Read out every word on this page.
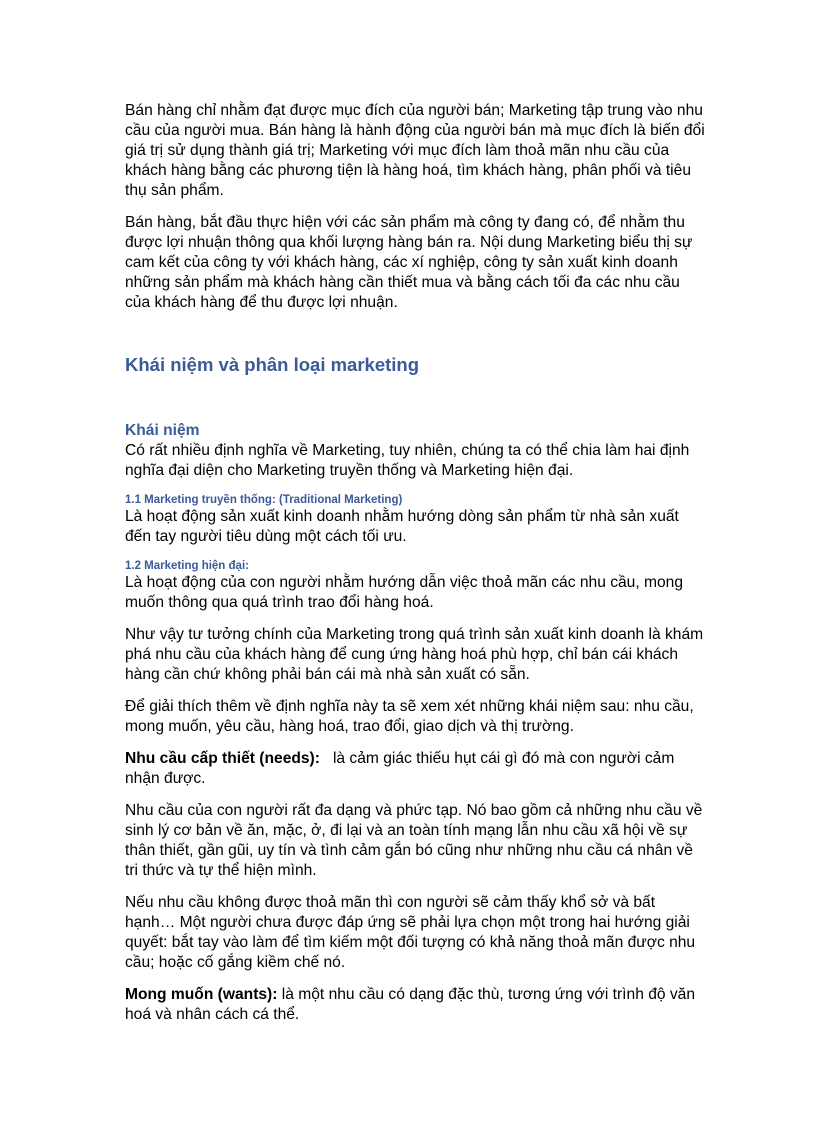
Bán hàng chỉ nhằm đạt được mục đích của người bán; Marketing tập trung vào nhu cầu của người mua. Bán hàng là hành động của người bán mà mục đích là biến đổi giá trị sử dụng thành giá trị; Marketing với mục đích làm thoả mãn nhu cầu của khách hàng bằng các phương tiện là hàng hoá, tìm khách hàng, phân phối và tiêu thụ sản phẩm.

Bán hàng, bắt đầu thực hiện với các sản phẩm mà công ty đang có, để nhằm thu được lợi nhuận thông qua khối lượng hàng bán ra. Nội dung Marketing biểu thị sự cam kết của công ty với khách hàng, các xí nghiệp, công ty sản xuất kinh doanh những sản phẩm mà khách hàng cần thiết mua và bằng cách tối đa các nhu cầu của khách hàng để thu được lợi nhuận.

Khái niệm và phân loại marketing
Khái niệm

Có rất nhiều định nghĩa về Marketing, tuy nhiên, chúng ta có thể chia làm hai định nghĩa đại diện cho Marketing truyền thống và Marketing hiện đại.

1.1 Marketing truyền thống: (Traditional Marketing)

Là hoạt động sản xuất kinh doanh nhằm hướng dòng sản phẩm từ nhà sản xuất đến tay người tiêu dùng một cách tối ưu.

1.2 Marketing hiện đại:

Là hoạt động của con người nhằm hướng dẫn việc thoả mãn các nhu cầu, mong muốn thông qua quá trình trao đổi hàng hoá.

Như vậy tư tưởng chính của Marketing trong quá trình sản xuất kinh doanh là khám phá nhu cầu của khách hàng để cung ứng hàng hoá phù hợp, chỉ bán cái khách hàng cần chứ không phải bán cái mà nhà sản xuất có sẵn.

Để giải thích thêm về định nghĩa này ta sẽ xem xét những khái niệm sau: nhu cầu, mong muốn, yêu cầu, hàng hoá, trao đổi, giao dịch và thị trường.

Nhu cầu cấp thiết (needs):   là cảm giác thiếu hụt cái gì đó mà con người cảm nhận được.

Nhu cầu của con người rất đa dạng và phức tạp. Nó bao gồm cả những nhu cầu về sinh lý cơ bản về ăn, mặc, ở, đi lại và an toàn tính mạng lẫn nhu cầu xã hội về sự thân thiết, gần gũi, uy tín và tình cảm gắn bó cũng như những nhu cầu cá nhân về tri thức và tự thể hiện mình.

Nếu nhu cầu không được thoả mãn thì con người sẽ cảm thấy khổ sở và bất hạnh… Một người chưa được đáp ứng sẽ phải lựa chọn một trong hai hướng giải quyết: bắt tay vào làm để tìm kiếm một đối tượng có khả năng thoả mãn được nhu cầu; hoặc cố gắng kiềm chế nó.

Mong muốn (wants): là một nhu cầu có dạng đặc thù, tương ứng với trình độ văn hoá và nhân cách cá thể.
